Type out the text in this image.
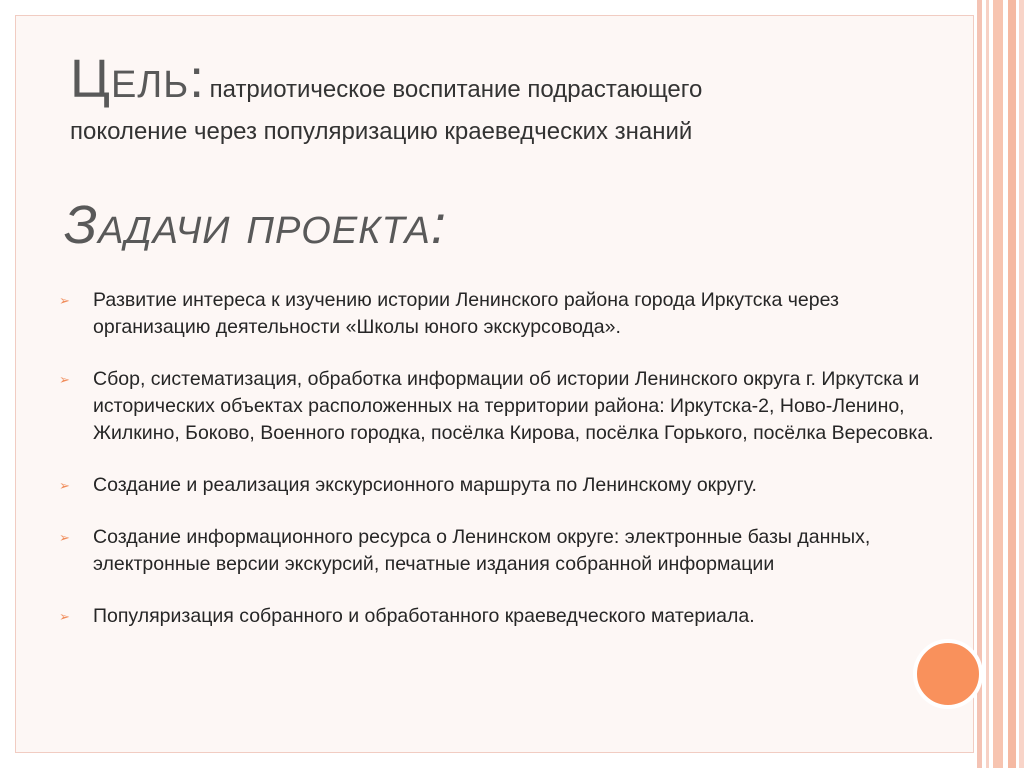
Цель: патриотическое воспитание подрастающего
поколение через популяризацию краеведческих знаний
Задачи проекта:
➢ Развитие интереса к изучению истории Ленинского района города Иркутска через организацию деятельности «Школы юного экскурсовода».
➢ Сбор, систематизация, обработка информации об истории Ленинского округа г. Иркутска и исторических объектах расположенных на территории района: Иркутска-2, Ново-Ленино, Жилкино, Боково, Военного городка, посёлка Кирова, посёлка Горького, посёлка Вересовка.
➢ Создание и реализация экскурсионного маршрута по Ленинскому округу.
➢ Создание информационного ресурса о Ленинском округе: электронные базы данных, электронные версии экскурсий, печатные издания собранной информации
➢ Популяризация собранного и обработанного краеведческого материала.
